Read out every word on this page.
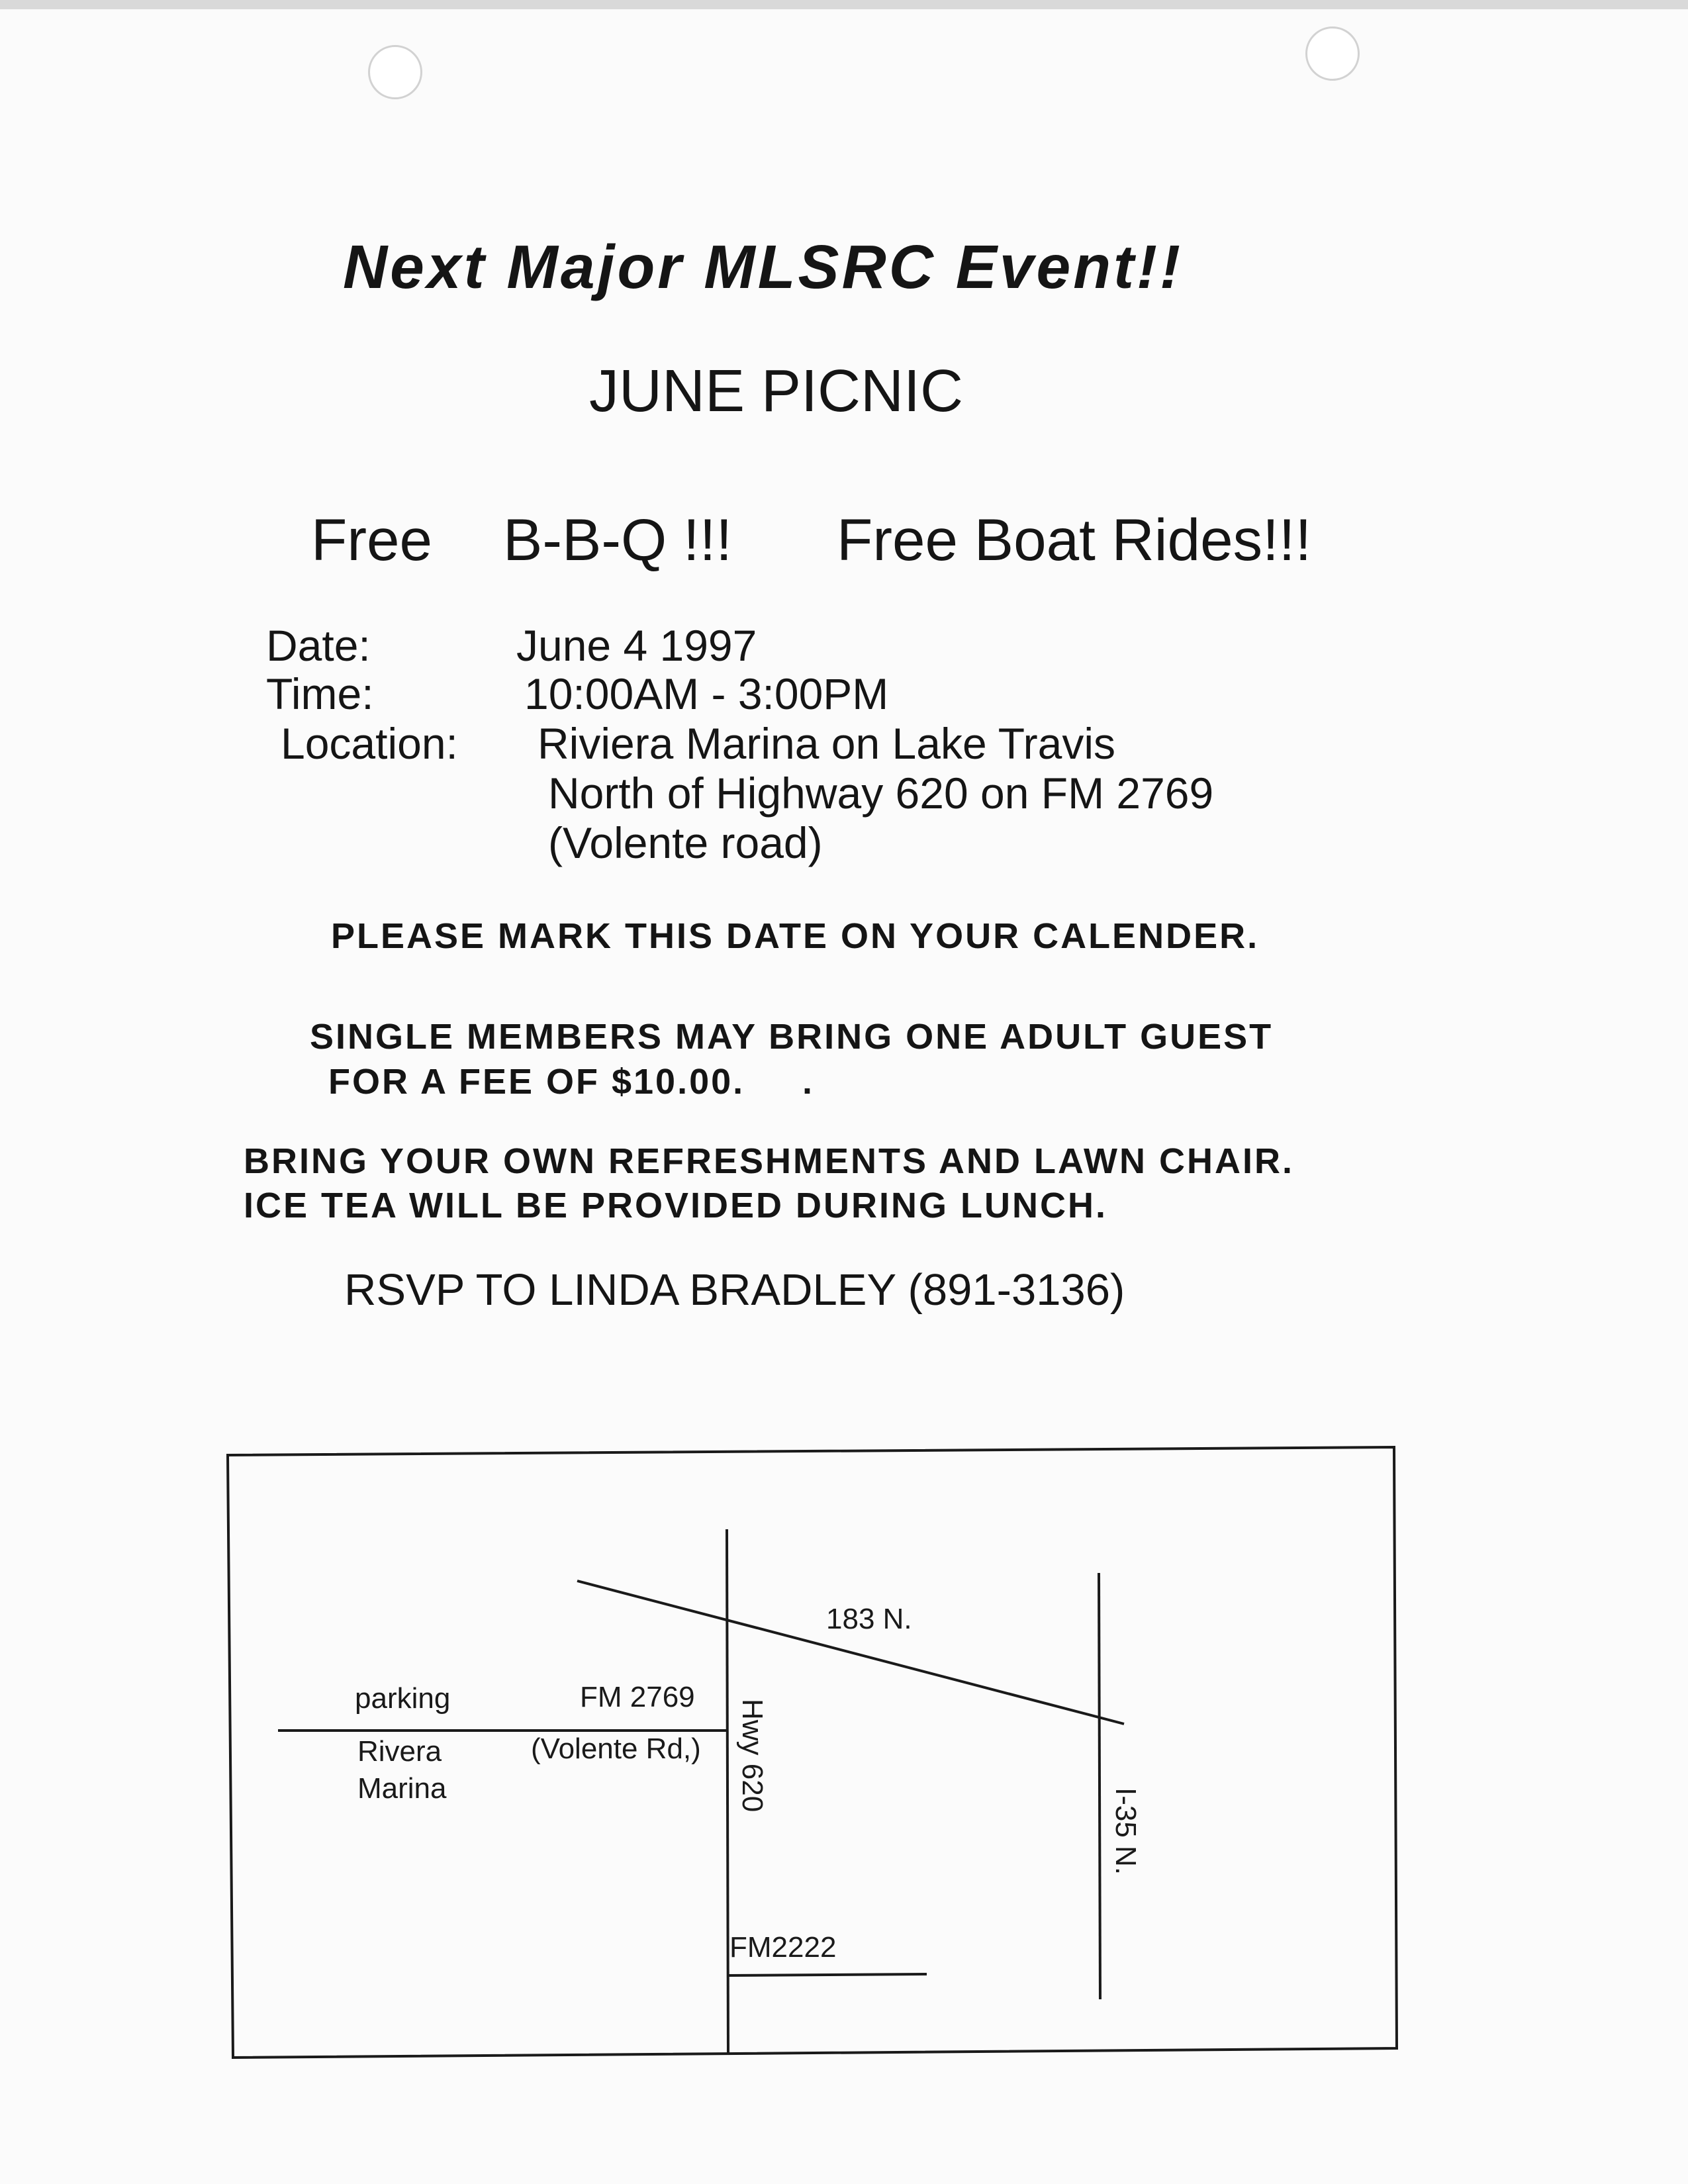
Next Major MLSRC Event!!
JUNE PICNIC
Free B-B-Q !!! Free Boat Rides!!!
Date:	June 4 1997
Time:	10:00AM - 3:00PM
Location: Riviera Marina on Lake Travis
North of Highway 620 on FM 2769
(Volente road)
PLEASE MARK THIS DATE ON YOUR CALENDER.
SINGLE MEMBERS MAY BRING ONE ADULT GUEST
FOR A FEE OF $10.00. .
BRING YOUR OWN REFRESHMENTS AND LAWN CHAIR.
ICE TEA WILL BE PROVIDED DURING LUNCH.
RSVP TO LINDA BRADLEY (891-3136)
183 N.
parking	FM 2769
Rivera
Marina
(Volente Rd,) Hwy 620
I-35 N.
FM2222
